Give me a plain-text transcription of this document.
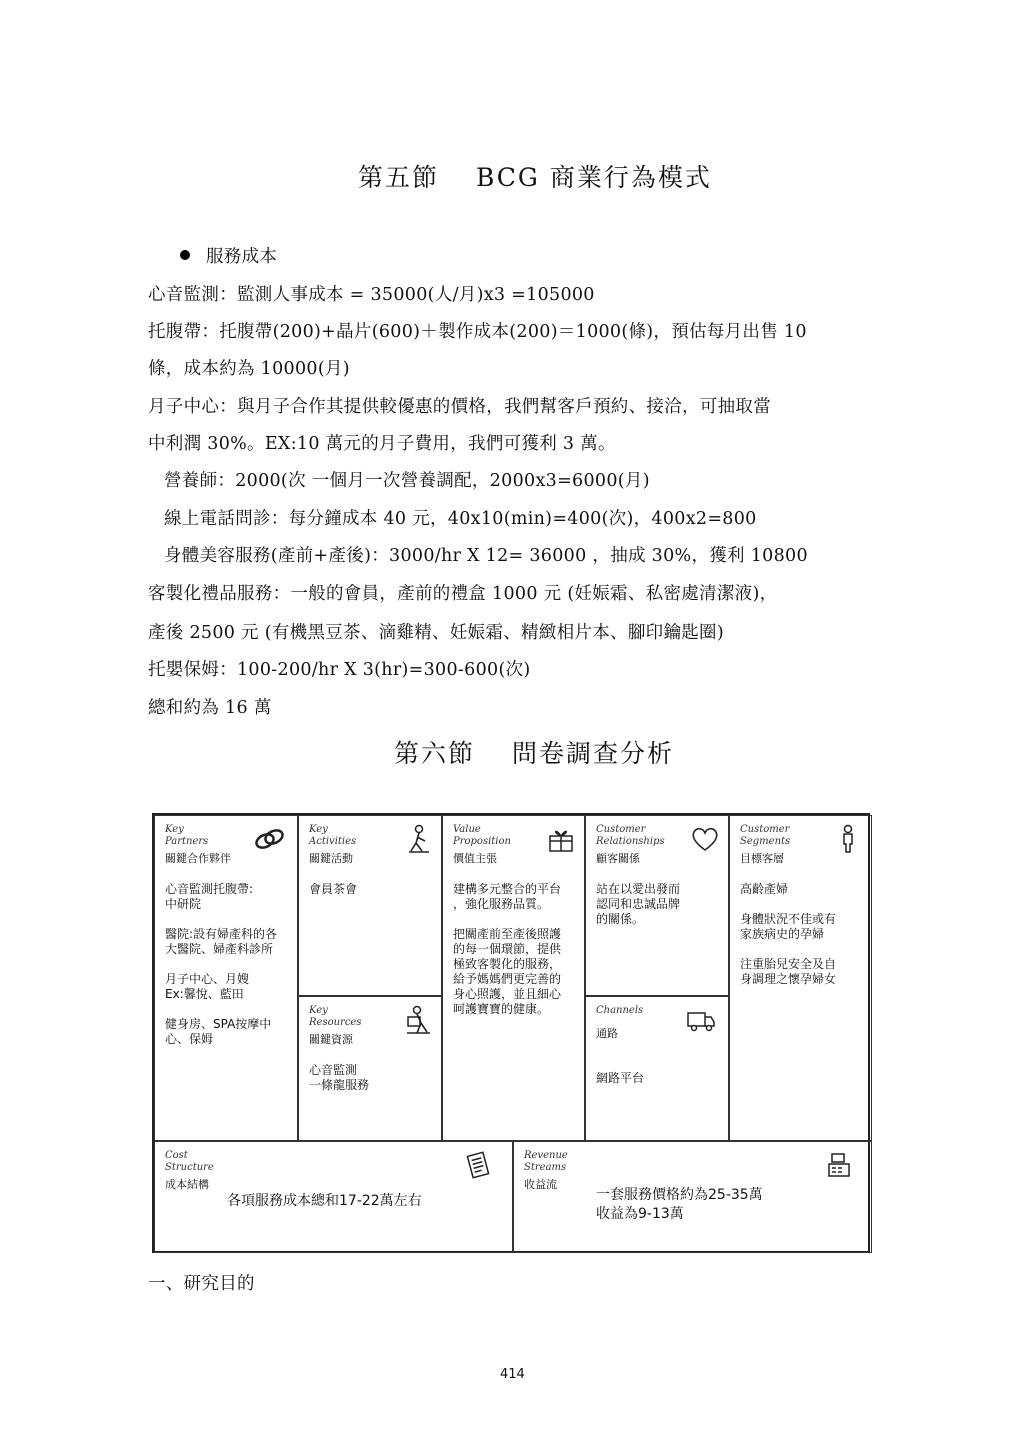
第五節　 BCG 商業行為模式
服務成本
心音監測：監測人事成本 = 35000(人/月)x3 =105000
托腹帶：托腹帶(200)+晶片(600)＋製作成本(200)＝1000(條)，預估每月出售 10
條，成本約為 10000(月)
月子中心：與月子合作其提供較優惠的價格，我們幫客戶預約、接洽，可抽取當
中利潤 30%。EX:10 萬元的月子費用，我們可獲利 3 萬。
營養師：2000(次 一個月一次營養調配，2000x3=6000(月)
線上電話問診：每分鐘成本 40 元，40x10(min)=400(次)，400x2=800
身體美容服務(產前+產後)：3000/hr X 12= 36000 ，抽成 30%，獲利 10800
客製化禮品服務：一般的會員，產前的禮盒 1000 元 (妊娠霜、私密處清潔液)，
產後 2500 元 (有機黑豆茶、滴雞精、妊娠霜、精緻相片本、腳印鑰匙圈)
托嬰保姆：100-200/hr X 3(hr)=300-600(次)
總和約為 16 萬
第六節　 問卷調查分析
Key
Partners
關鍵合作夥伴
心音監測托腹帶:
中研院

醫院:設有婦產科的各
大醫院、婦產科診所

月子中心、月嫂
Ex:馨悅、藍田

健身房、SPA按摩中
心、保姆
Key
Activities
關鍵活動
會員茶會
Key
Resources
關鍵資源
心音監測
一條龍服務
Value
Proposition
價值主張
建構多元整合的平台
，強化服務品質。

把關產前至產後照護
的每一個環節，提供
極致客製化的服務，
給予媽媽們更完善的
身心照護，並且細心
呵護寶寶的健康。
Customer
Relationships
顧客關係
站在以愛出發而
認同和忠誠品牌
的關係。
Channels
通路
網路平台
Customer
Segments
目標客層
高齡產婦

身體狀況不佳或有
家族病史的孕婦

注重胎兒安全及自
身調理之懷孕婦女
Cost
Structure
成本結構
各項服務成本總和17-22萬左右
Revenue
Streams
收益流
一套服務價格約為25-35萬
收益為9-13萬
一、研究目的
414
